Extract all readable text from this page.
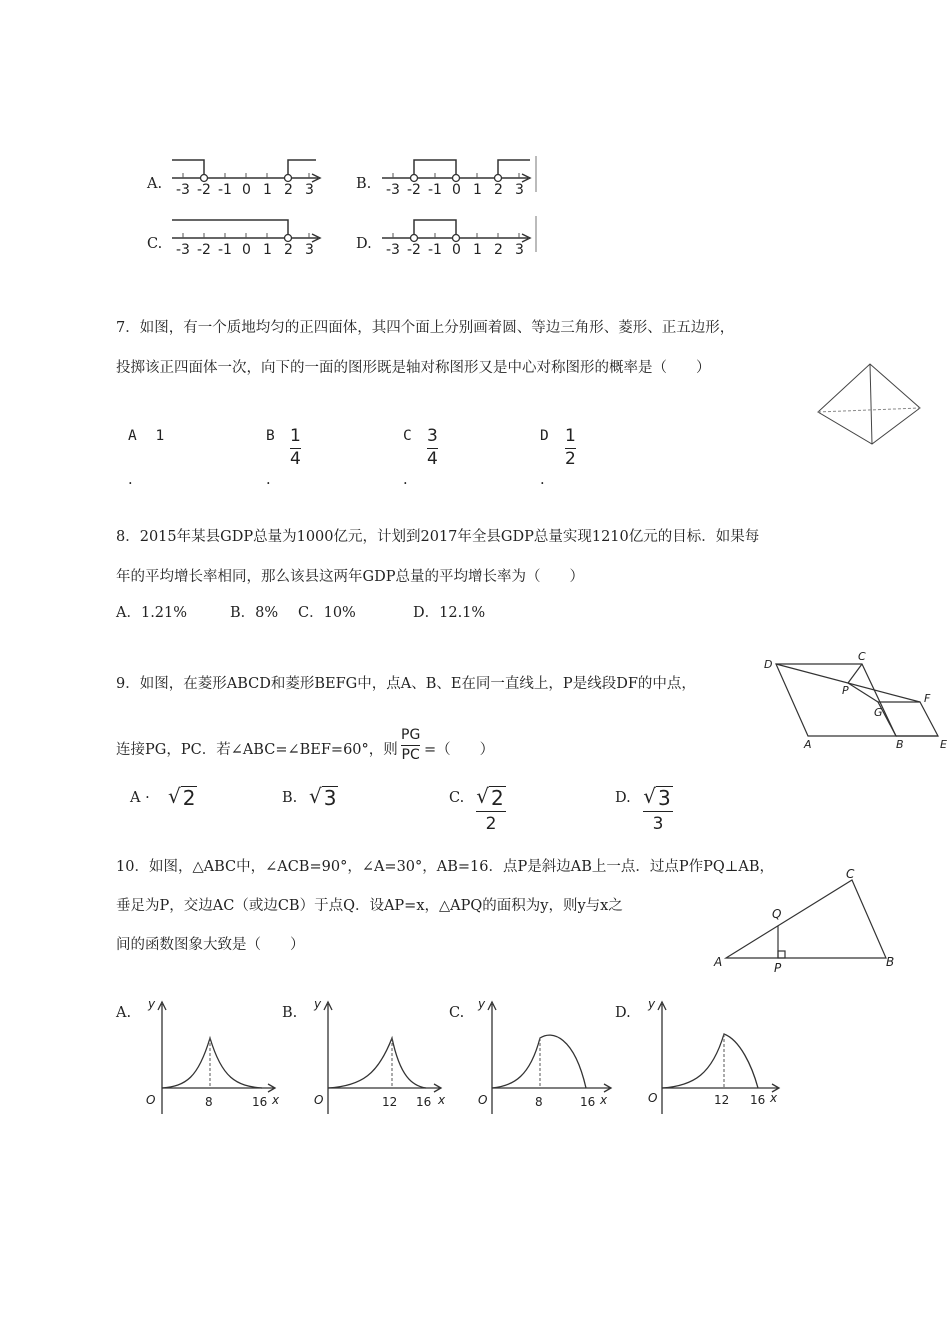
A. -3 -2 -1 0 1 2 3	B. -3 -2 -1 0 1 2 3
C. -3 -2 -1 0 1 2 3	D. -3 -2 -1 0 1 2 3
7．如图，有一个质地均匀的正四面体，其四个面上分别画着圆、等边三角形、菱形、正五边形，
投掷该正四面体一次，向下的一面的图形既是轴对称图形又是中心对称图形的概率是（　　）
A 1
.
B 1
4
.
C 3
4
.
D 1
2
.
8．2015年某县GDP总量为1000亿元，计划到2017年全县GDP总量实现1210亿元的目标．如果每
年的平均增长率相同，那么该县这两年GDP总量的平均增长率为（　　）
A．1.21%	B．8% C．10%	D．12.1%
9．如图，在菱形ABCD和菱形BEFG中，点A、B、E在同一直线上，P是线段DF的中点，
连接PG，PC．若∠ABC=∠BEF=60°，则
PG
PC =（　　）
D
C
P
F
G
A	B	E
A · √ 2	B. √ 3	C. √ 2
2
D. √ 3
3
10．如图，△ABC中，∠ACB=90°，∠A=30°，AB=16．点P是斜边AB上一点．过点P作PQ⊥AB，
垂足为P，交边AC（或边CB）于点Q．设AP=x，△APQ的面积为y，则y与x之
间的函数图象大致是（　　）
C
Q
A	P	B
A.
y
O	8	16 x
B.
y
O	12 16 x
C.
y
O	8	16 x
D.
y
O	12 16 x
